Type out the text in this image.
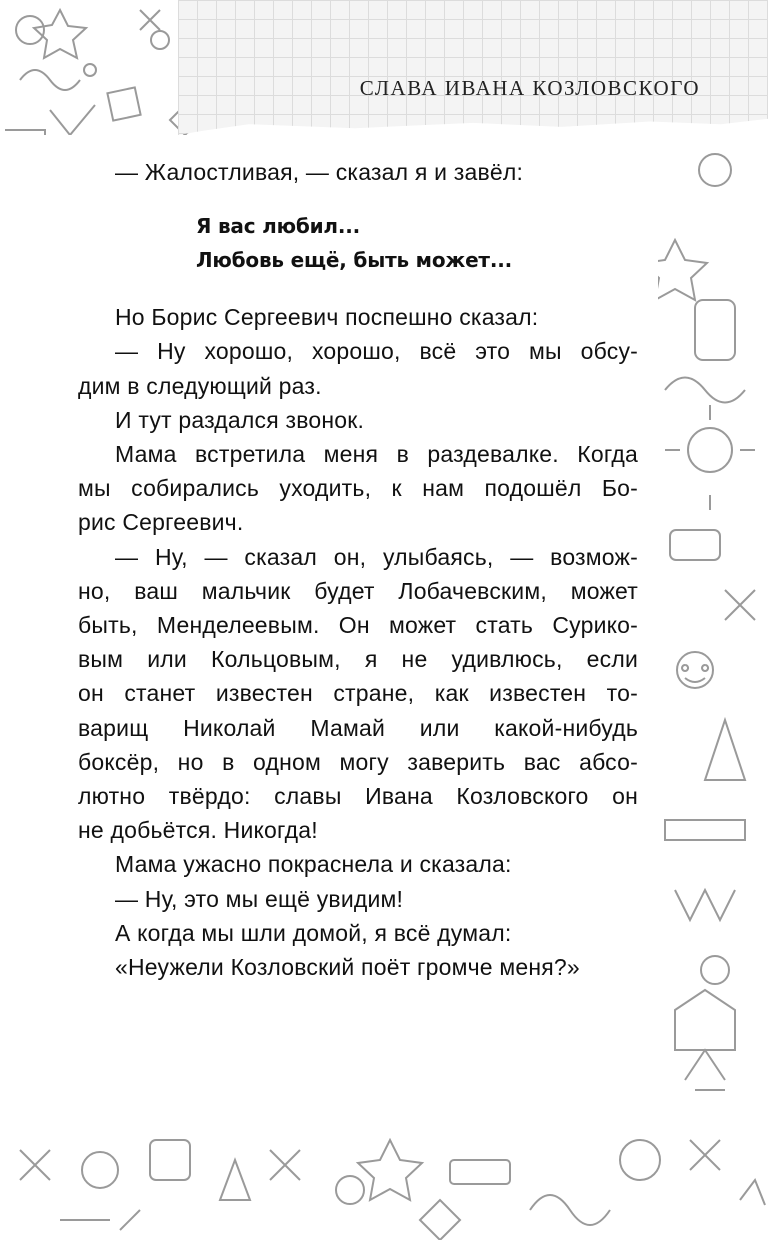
СЛАВА ИВАНА КОЗЛОВСКОГО
— Жалостливая, — сказал я и завёл:
Я вас любил...
Любовь ещё, быть может...
Но Борис Сергеевич поспешно сказал:
— Ну хорошо, хорошо, всё это мы обсу-
дим в следующий раз.
И тут раздался звонок.
Мама встретила меня в раздевалке. Когда
мы собирались уходить, к нам подошёл Бо-
рис Сергеевич.
— Ну, — сказал он, улыбаясь, — возмож-
но, ваш мальчик будет Лобачевским, может
быть, Менделеевым. Он может стать Сурико-
вым или Кольцовым, я не удивлюсь, если
он станет известен стране, как известен то-
варищ Николай Мамай или какой-нибудь
боксёр, но в одном могу заверить вас абсо-
лютно твёрдо: славы Ивана Козловского он
не добьётся. Никогда!
Мама ужасно покраснела и сказала:
— Ну, это мы ещё увидим!
А когда мы шли домой, я всё думал:
«Неужели Козловский поёт громче меня?»
